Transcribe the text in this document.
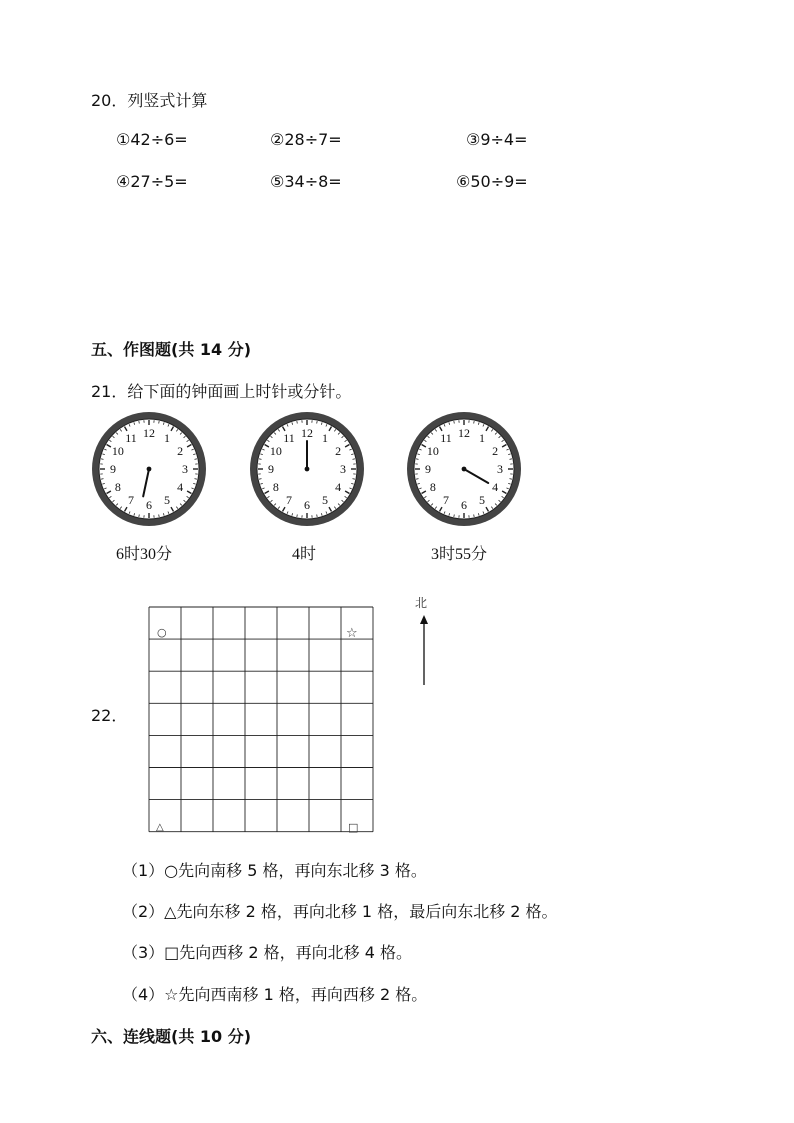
20．列竖式计算
①42÷6=	②28÷7=	③9÷4=
④27÷5=	⑤34÷8=	⑥50÷9=
五、作图题(共 14 分)
21．给下面的钟面画上时针或分针。
12 1
2
3
4
5
6
7
8
9
10
11	12 1
2
3
4
5
6
7
8
9
10
11	12 1
2
3
4
5
6
7
8
9
10
11
6时30分	4时	3时55分
22．
○	☆
△	□
北
（1）○先向南移 5 格，再向东北移 3 格。
（2）△先向东移 2 格，再向北移 1 格，最后向东北移 2 格。
（3）□先向西移 2 格，再向北移 4 格。
（4）☆先向西南移 1 格，再向西移 2 格。
六、连线题(共 10 分)
